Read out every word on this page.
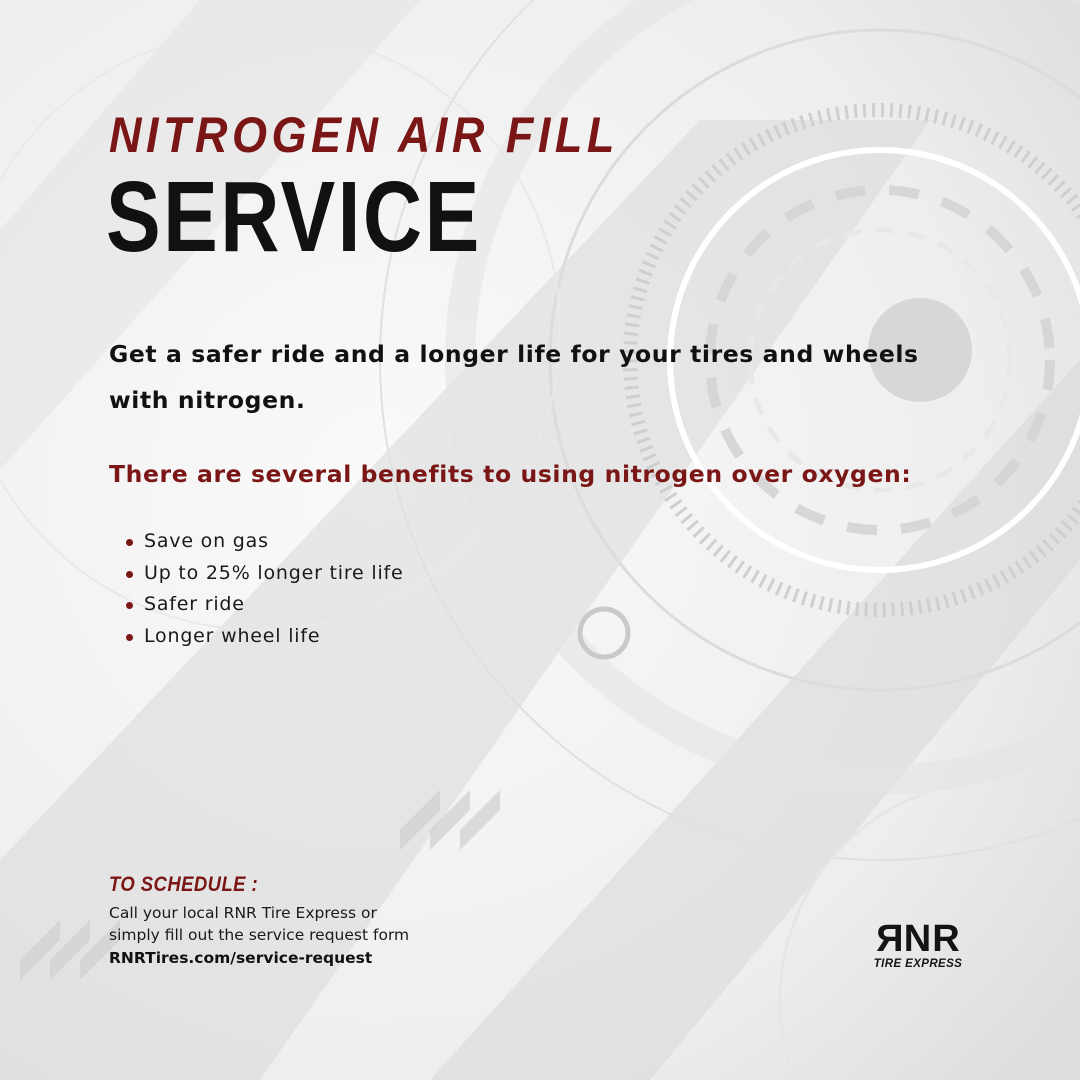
NITROGEN AIR FILL
SERVICE

Get a safer ride and a longer life for your tires and wheels with nitrogen.

There are several benefits to using nitrogen over oxygen:

Save on gas
Up to 25% longer tire life
Safer ride
Longer wheel life
TO SCHEDULE :
Call your local RNR Tire Express or
simply fill out the service request form
RNRTires.com/service-request	RNR
TIRE EXPRESS
